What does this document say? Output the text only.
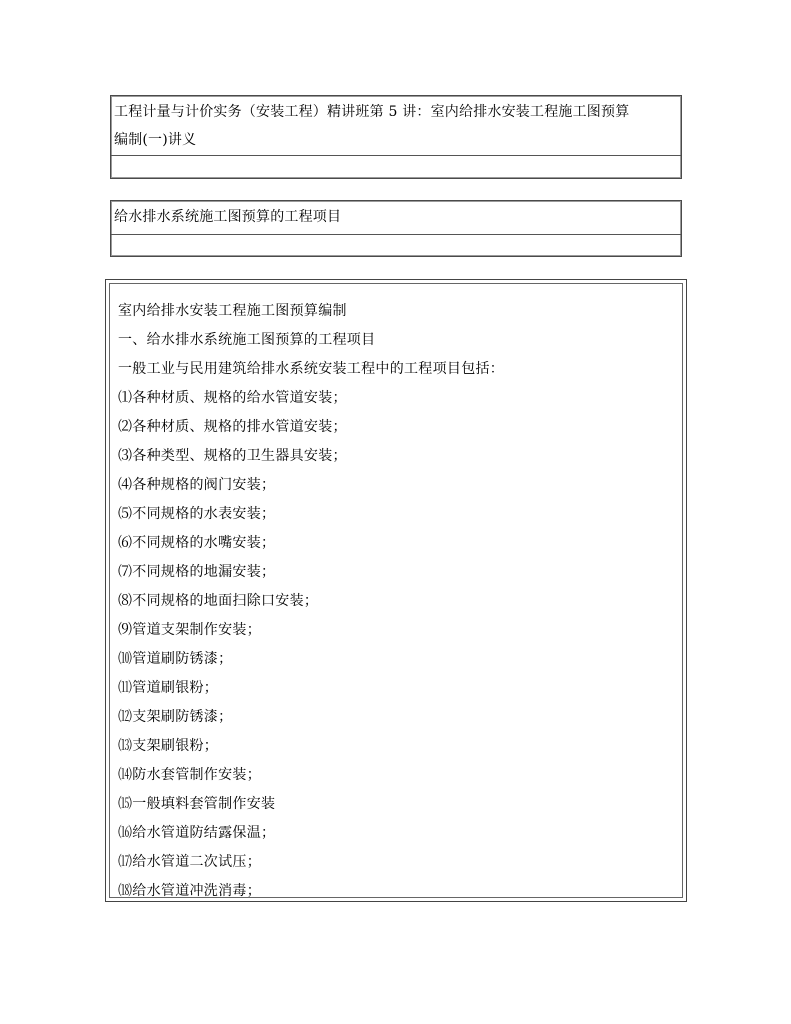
工程计量与计价实务（安装工程）精讲班第 5 讲：室内给排水安装工程施工图预算
编制(一)讲义
给水排水系统施工图预算的工程项目
室内给排水安装工程施工图预算编制
一、给水排水系统施工图预算的工程项目
一般工业与民用建筑给排水系统安装工程中的工程项目包括：
⑴各种材质、规格的给水管道安装；
⑵各种材质、规格的排水管道安装；
⑶各种类型、规格的卫生器具安装；
⑷各种规格的阀门安装；
⑸不同规格的水表安装；
⑹不同规格的水嘴安装；
⑺不同规格的地漏安装；
⑻不同规格的地面扫除口安装；
⑼管道支架制作安装；
⑽管道刷防锈漆；
⑾管道刷银粉；
⑿支架刷防锈漆；
⒀支架刷银粉；
⒁防水套管制作安装；
⒂一般填料套管制作安装
⒃给水管道防结露保温；
⒄给水管道二次试压；
⒅给水管道冲洗消毒；
